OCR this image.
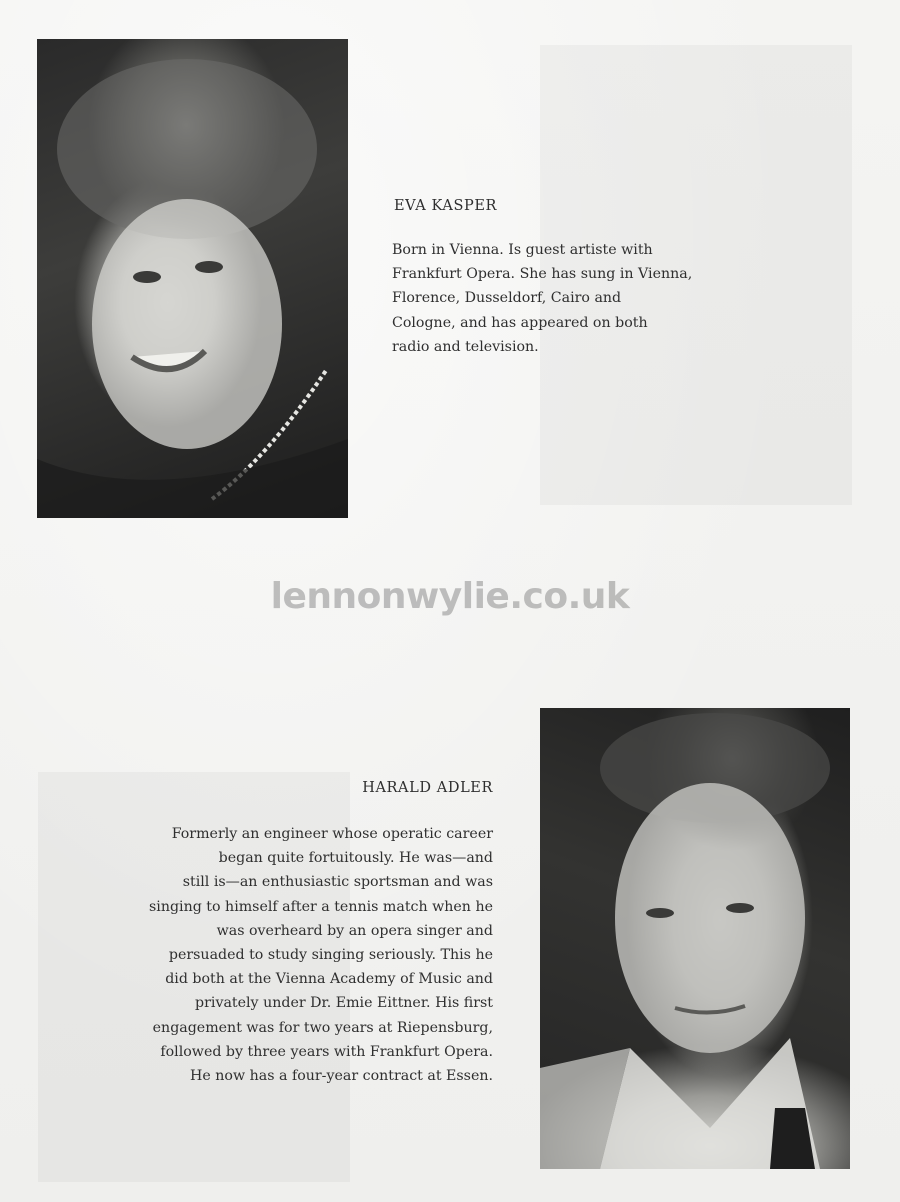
EVA KASPER

Born in Vienna. Is guest artiste with
Frankfurt Opera. She has sung in Vienna,
Florence, Dusseldorf, Cairo and
Cologne, and has appeared on both
radio and television.

lennonwylie.co.uk
HARALD ADLER

Formerly an engineer whose operatic career
began quite fortuitously. He was—and
still is—an enthusiastic sportsman and was
singing to himself after a tennis match when he
was overheard by an opera singer and
persuaded to study singing seriously. This he
did both at the Vienna Academy of Music and
privately under Dr. Emie Eittner. His first
engagement was for two years at Riepensburg,
followed by three years with Frankfurt Opera.
He now has a four-year contract at Essen.
